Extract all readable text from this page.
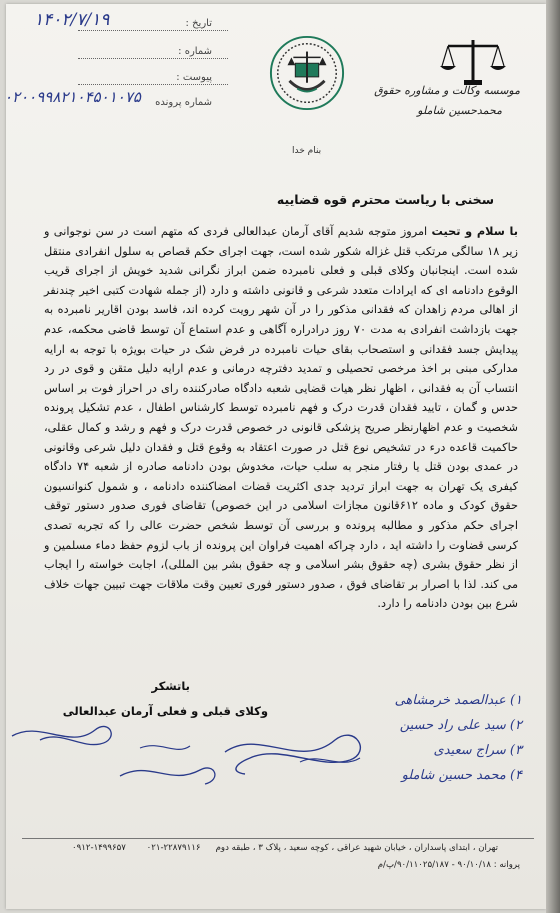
تاریخ :
۱۴۰۲/۷/۱۹
شماره :
پیوست :
شماره پرونده
۰۲۰۰۹۹۸۲۱۰۴۵۰۱۰۷۵	موسسه وکالت و مشاوره حقوق
محمدحسین شاملو
بنام خدا
سخنی با ریاست محترم قوه قضاییه
با سلام و تحیت امروز متوجه شدیم آقای آرمان عبدالعالی فردی که متهم است در سن نوجوانی و زیر ۱۸ سالگی مرتکب قتل غزاله شکور شده است، جهت اجرای حکم قصاص به سلول انفرادی منتقل شده است. اینجانبان وکلای قبلی و فعلی نامبرده ضمن ابراز نگرانی شدید خویش از اجرای قریب الوقوع دادنامه ای که ایرادات متعدد شرعی و قانونی داشته و دارد (از جمله شهادت کتبی اخیر چندنفر از اهالی مردم زاهدان که فقدانی مذکور را در آن شهر رویت کرده اند، فاسد بودن اقارير نامبرده به جهت بازداشت انفرادی به مدت ۷۰ روز درادراره آگاهی و عدم استماع آن توسط قاضی محکمه، عدم پیدایش جسد فقدانی و استصحاب بقای حیات نامبرده در فرض شک در حیات بویژه با توجه به ارایه مدارکی مبنی بر اخذ مرخصی تحصیلی و تمدید دفترچه درمانی و عدم ارایه دلیل متقن و قوی در رد انتساب آن به فقدانی ، اظهار نظر هیات قضایی شعبه دادگاه صادرکننده رای در احراز فوت بر اساس حدس و گمان ، تایید فقدان قدرت درک و فهم نامبرده توسط کارشناس اطفال ، عدم تشکیل پرونده شخصیت و عدم اظهارنظر صریح پزشکی قانونی در خصوص قدرت درک و فهم و رشد و کمال عقلی، حاکمیت قاعده درء در تشخیص نوع قتل در صورت اعتقاد به وقوع قتل و فقدان دلیل شرعی وقانونی در عمدی بودن قتل یا رفتار منجر به سلب حیات، مخدوش بودن دادنامه صادره از شعبه ۷۴ دادگاه کیفری یک تهران به جهت ابراز تردید جدی اکثریت قضات امضاکننده دادنامه ، و شمول کنوانسیون حقوق کودک و ماده ۶۱۲قانون مجازات اسلامی در این خصوص) تقاضای فوری صدور دستور توقف اجرای حکم مذکور و مطالبه پرونده و بررسی آن توسط شخص حضرت عالی را که تجربه تصدی کرسی قضاوت را داشته اید ، دارد چراکه اهمیت فراوان این پرونده از باب لزوم حفظ دماء مسلمین و از نظر حقوق بشری (چه حقوق بشر اسلامی و چه حقوق بشر بین المللی)، اجابت خواسته را ایجاب می کند. لذا با اصرار بر تقاضای فوق ، صدور دستور فوری تعیین وقت ملاقات جهت تبیین جهات خلاف شرع بین بودن دادنامه را دارد.
باتشکر
وکلای قبلی و فعلی آرمان عبدالعالی
۱) عبدالصمد خرمشاهی
۲) سید علی راد حسین
۳) سراج سعیدی
۴) محمد حسین شاملو
تهران ، ابتدای پاسداران ، خیابان شهید عراقی ، کوچه سعید ، پلاک ۳ ، طبقه دوم
۰۹۱۲-۱۴۹۹۶۵۷ ۰۲۱-۲۲۸۷۹۱۱۶
پروانه : ۹۰/۱۰/۱۸ - ۹۰/۱۱۰۲۵/۱۸۷/پ/م
